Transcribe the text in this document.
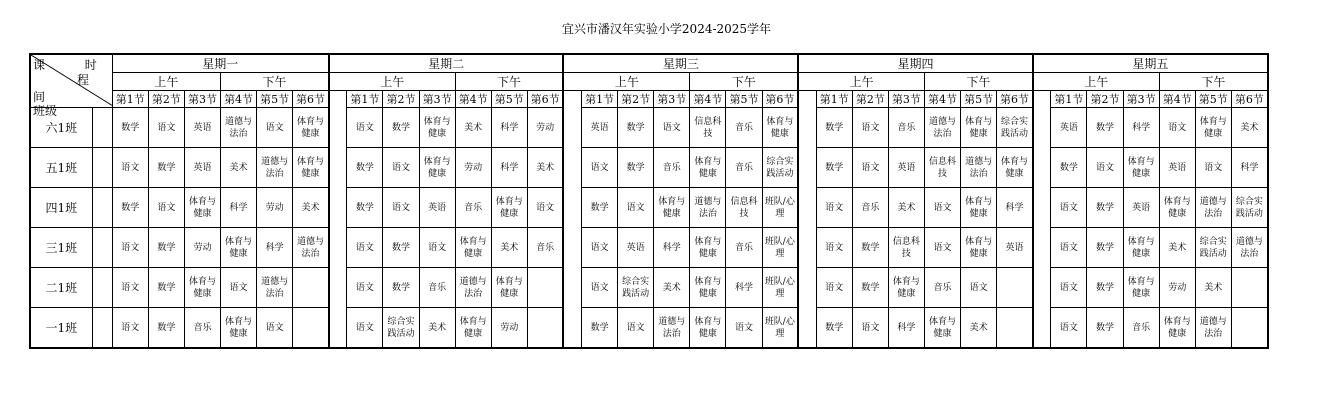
宜兴市潘汉年实验小学2024-2025学年
课 时
程
间
班级		星期一						星期二							星期三							星期四							星期五						
		上午			下午			上午				下午			上午				下午			上午				下午			上午				下午		
		第1节	第2节	第3节	第4节	第5节	第6节		第1节	第2节	第3节	第4节	第5节	第6节		第1节	第2节	第3节	第4节	第5节	第6节		第1节	第2节	第3节	第4节	第5节	第6节		第1节	第2节	第3节	第4节	第5节	第6节
六1班		数学	语文	英语	道德与法治	语文	体育与健康		语文	数学	体育与健康	美术	科学	劳动		英语	数学	语文	信息科技	音乐	体育与健康		数学	语文	音乐	道德与法治	体育与健康	综合实践活动		英语	数学	科学	语文	体育与健康	美术
五1班		语文	数学	英语	美术	道德与法治	体育与健康		数学	语文	体育与健康	劳动	科学	美术		语文	数学	音乐	体育与健康	音乐	综合实践活动		数学	语文	英语	信息科技	道德与法治	体育与健康		数学	语文	体育与健康	英语	语文	科学
四1班		数学	语文	体育与健康	科学	劳动	美术		数学	语文	英语	音乐	体育与健康	语文		数学	语文	体育与健康	道德与法治	信息科技	班队/心理		语文	音乐	美术	语文	体育与健康	科学		语文	数学	英语	体育与健康	道德与法治	综合实践活动
三1班		语文	数学	劳动	体育与健康	科学	道德与法治		语文	数学	语文	体育与健康	美术	音乐		语文	英语	科学	体育与健康	音乐	班队/心理		语文	数学	信息科技	语文	体育与健康	英语		语文	数学	体育与健康	美术	综合实践活动	道德与法治
二1班		语文	数学	体育与健康	语文	道德与法治			语文	数学	音乐	道德与法治	体育与健康			语文	综合实践活动	美术	体育与健康	科学	班队/心理		语文	数学	体育与健康	音乐	语文			语文	数学	体育与健康	劳动	美术	
一1班		语文	数学	音乐	体育与健康	语文			语文	综合实践活动	美术	体育与健康	劳动			数学	语文	道德与法治	体育与健康	语文	班队/心理		数学	语文	科学	体育与健康	美术			语文	数学	音乐	体育与健康	道德与法治	
